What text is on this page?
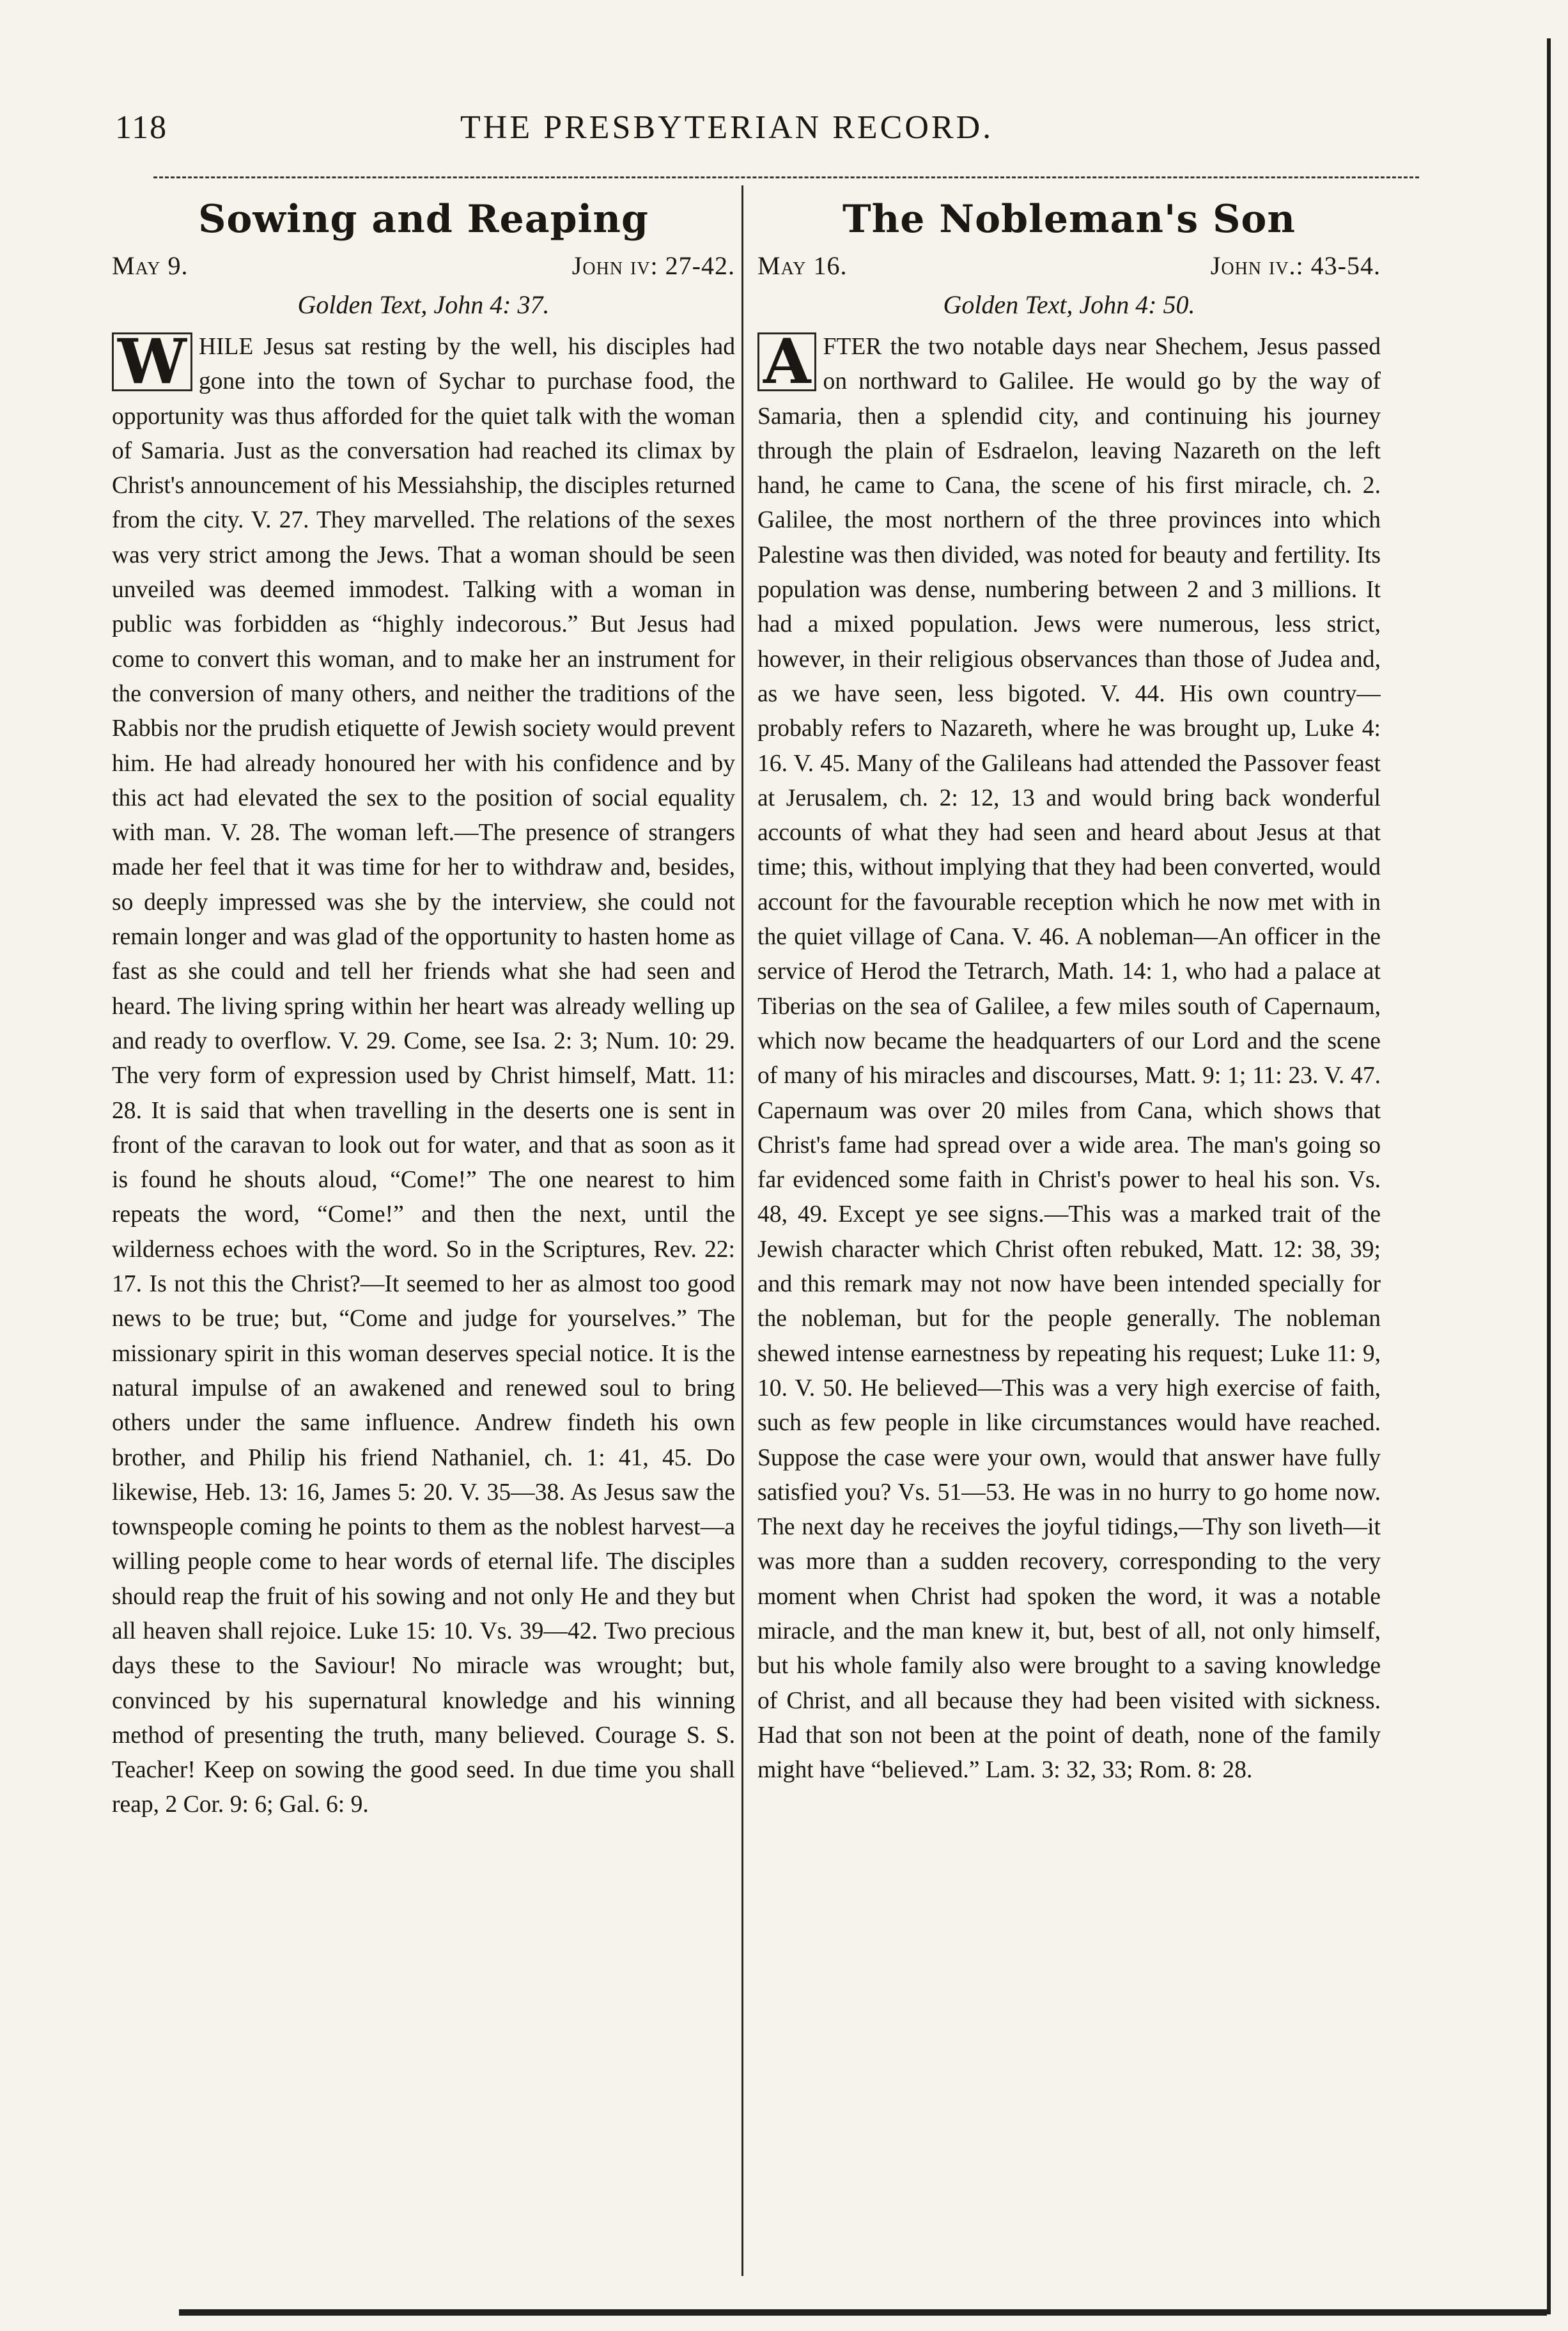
118	THE PRESBYTERIAN RECORD.
Sowing and Reaping
May 9.	John iv: 27-42.
Golden Text, John 4: 37.

W HILE Jesus sat resting by the well, his disciples had gone into the town of Sychar to purchase food, the opportunity was thus afforded for the quiet talk with the woman of Samaria. Just as the conversation had reached its climax by Christ's announcement of his Messiahship, the disciples returned from the city. V. 27. They marvelled. The relations of the sexes was very strict among the Jews. That a woman should be seen unveiled was deemed immodest. Talking with a woman in public was forbidden as “highly indecorous.” But Jesus had come to convert this woman, and to make her an instrument for the conversion of many others, and neither the traditions of the Rabbis nor the prudish etiquette of Jewish society would prevent him. He had already honoured her with his confidence and by this act had elevated the sex to the position of social equality with man. V. 28. The woman left.—The presence of strangers made her feel that it was time for her to withdraw and, besides, so deeply impressed was she by the interview, she could not remain longer and was glad of the opportunity to hasten home as fast as she could and tell her friends what she had seen and heard. The living spring within her heart was already welling up and ready to overflow. V. 29. Come, see Isa. 2: 3; Num. 10: 29. The very form of expression used by Christ himself, Matt. 11: 28. It is said that when travelling in the deserts one is sent in front of the caravan to look out for water, and that as soon as it is found he shouts aloud, “Come!” The one nearest to him repeats the word, “Come!” and then the next, until the wilderness echoes with the word. So in the Scriptures, Rev. 22: 17. Is not this the Christ?—It seemed to her as almost too good news to be true; but, “Come and judge for yourselves.” The missionary spirit in this woman deserves special notice. It is the natural impulse of an awakened and renewed soul to bring others under the same influence. Andrew findeth his own brother, and Philip his friend Nathaniel, ch. 1: 41, 45. Do likewise, Heb. 13: 16, James 5: 20. V. 35—38. As Jesus saw the townspeople coming he points to them as the noblest harvest—a willing people come to hear words of eternal life. The disciples should reap the fruit of his sowing and not only He and they but all heaven shall rejoice. Luke 15: 10. Vs. 39—42. Two precious days these to the Saviour! No miracle was wrought; but, convinced by his supernatural knowledge and his winning method of presenting the truth, many believed. Courage S. S. Teacher! Keep on sowing the good seed. In due time you shall reap, 2 Cor. 9: 6; Gal. 6: 9.

The Nobleman's Son
May 16.	John iv.: 43-54.
Golden Text, John 4: 50.

A FTER the two notable days near Shechem, Jesus passed on northward to Galilee. He would go by the way of Samaria, then a splendid city, and continuing his journey through the plain of Esdraelon, leaving Nazareth on the left hand, he came to Cana, the scene of his first miracle, ch. 2. Galilee, the most northern of the three provinces into which Palestine was then divided, was noted for beauty and fertility. Its population was dense, numbering between 2 and 3 millions. It had a mixed population. Jews were numerous, less strict, however, in their religious observances than those of Judea and, as we have seen, less bigoted. V. 44. His own country—probably refers to Nazareth, where he was brought up, Luke 4: 16. V. 45. Many of the Galileans had attended the Passover feast at Jerusalem, ch. 2: 12, 13 and would bring back wonderful accounts of what they had seen and heard about Jesus at that time; this, without implying that they had been converted, would account for the favourable reception which he now met with in the quiet village of Cana. V. 46. A nobleman—An officer in the service of Herod the Tetrarch, Math. 14: 1, who had a palace at Tiberias on the sea of Galilee, a few miles south of Capernaum, which now became the headquarters of our Lord and the scene of many of his miracles and discourses, Matt. 9: 1; 11: 23. V. 47. Capernaum was over 20 miles from Cana, which shows that Christ's fame had spread over a wide area. The man's going so far evidenced some faith in Christ's power to heal his son. Vs. 48, 49. Except ye see signs.—This was a marked trait of the Jewish character which Christ often rebuked, Matt. 12: 38, 39; and this remark may not now have been intended specially for the nobleman, but for the people generally. The nobleman shewed intense earnestness by repeating his request; Luke 11: 9, 10. V. 50. He believed—This was a very high exercise of faith, such as few people in like circumstances would have reached. Suppose the case were your own, would that answer have fully satisfied you? Vs. 51—53. He was in no hurry to go home now. The next day he receives the joyful tidings,—Thy son liveth—it was more than a sudden recovery, corresponding to the very moment when Christ had spoken the word, it was a notable miracle, and the man knew it, but, best of all, not only himself, but his whole family also were brought to a saving knowledge of Christ, and all because they had been visited with sickness. Had that son not been at the point of death, none of the family might have “believed.” Lam. 3: 32, 33; Rom. 8: 28.
